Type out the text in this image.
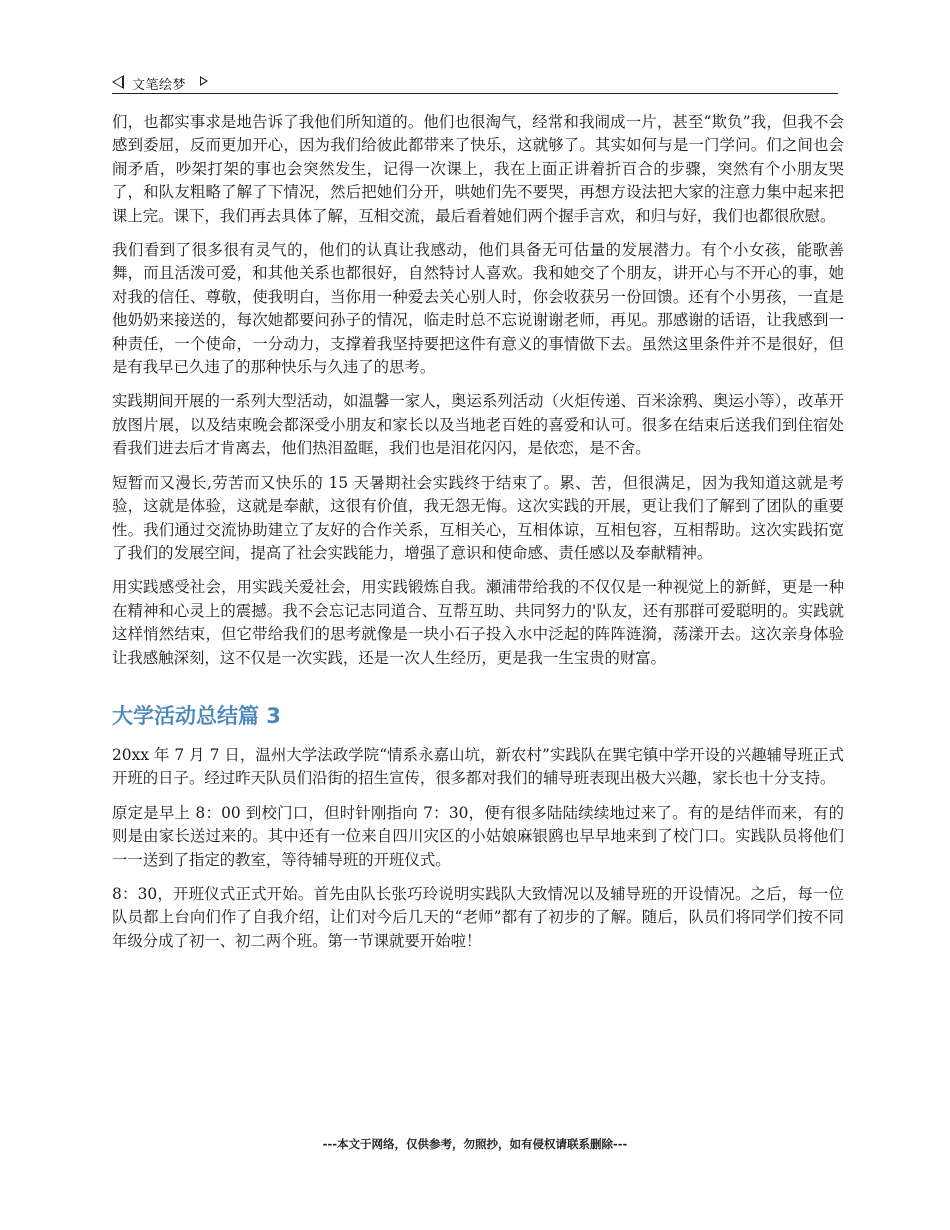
文笔绘梦

们，也都实事求是地告诉了我他们所知道的。他们也很淘气，经常和我闹成一片，甚至“欺负”我，但我不会感到委屈，反而更加开心，因为我们给彼此都带来了快乐，这就够了。其实如何与是一门学问。们之间也会闹矛盾，吵架打架的事也会突然发生，记得一次课上，我在上面正讲着折百合的步骤，突然有个小朋友哭了，和队友粗略了解了下情况，然后把她们分开，哄她们先不要哭，再想方设法把大家的注意力集中起来把课上完。课下，我们再去具体了解，互相交流，最后看着她们两个握手言欢，和归与好，我们也都很欣慰。

我们看到了很多很有灵气的，他们的认真让我感动，他们具备无可估量的发展潜力。有个小女孩，能歌善舞，而且活泼可爱，和其他关系也都很好，自然特讨人喜欢。我和她交了个朋友，讲开心与不开心的事，她对我的信任、尊敬，使我明白，当你用一种爱去关心别人时，你会收获另一份回馈。还有个小男孩，一直是他奶奶来接送的，每次她都要问孙子的情况，临走时总不忘说谢谢老师，再见。那感谢的话语，让我感到一种责任，一个使命，一分动力，支撑着我坚持要把这件有意义的事情做下去。虽然这里条件并不是很好，但是有我早已久违了的那种快乐与久违了的思考。

实践期间开展的一系列大型活动，如温馨一家人，奥运系列活动（火炬传递、百米涂鸦、奥运小等），改革开放图片展，以及结束晚会都深受小朋友和家长以及当地老百姓的喜爱和认可。很多在结束后送我们到住宿处看我们进去后才肯离去，他们热泪盈眶，我们也是泪花闪闪，是依恋，是不舍。

短暂而又漫长,劳苦而又快乐的 15 天暑期社会实践终于结束了。累、苦，但很满足，因为我知道这就是考验，这就是体验，这就是奉献，这很有价值，我无怨无悔。这次实践的开展，更让我们了解到了团队的重要性。我们通过交流协助建立了友好的合作关系，互相关心，互相体谅，互相包容，互相帮助。这次实践拓宽了我们的发展空间，提高了社会实践能力，增强了意识和使命感、责任感以及奉献精神。

用实践感受社会，用实践关爱社会，用实践锻炼自我。瀬浦带给我的不仅仅是一种视觉上的新鲜，更是一种在精神和心灵上的震撼。我不会忘记志同道合、互帮互助、共同努力的'队友，还有那群可爱聪明的。实践就这样悄然结束，但它带给我们的思考就像是一块小石子投入水中泛起的阵阵涟漪，荡漾开去。这次亲身体验让我感触深刻，这不仅是一次实践，还是一次人生经历，更是我一生宝贵的财富。

大学活动总结篇 3

20xx 年 7 月 7 日，温州大学法政学院“情系永嘉山坑，新农村”实践队在巽宅镇中学开设的兴趣辅导班正式开班的日子。经过昨天队员们沿街的招生宣传，很多都对我们的辅导班表现出极大兴趣，家长也十分支持。

原定是早上 8：00 到校门口，但时针刚指向 7：30，便有很多陆陆续续地过来了。有的是结伴而来，有的则是由家长送过来的。其中还有一位来自四川灾区的小姑娘麻银鸥也早早地来到了校门口。实践队员将他们一一送到了指定的教室，等待辅导班的开班仪式。

8：30，开班仪式正式开始。首先由队长张巧玲说明实践队大致情况以及辅导班的开设情况。之后，每一位队员都上台向们作了自我介绍，让们对今后几天的“老师”都有了初步的了解。随后，队员们将同学们按不同年级分成了初一、初二两个班。第一节课就要开始啦！

---本文于网络，仅供参考，勿照抄，如有侵权请联系删除---
